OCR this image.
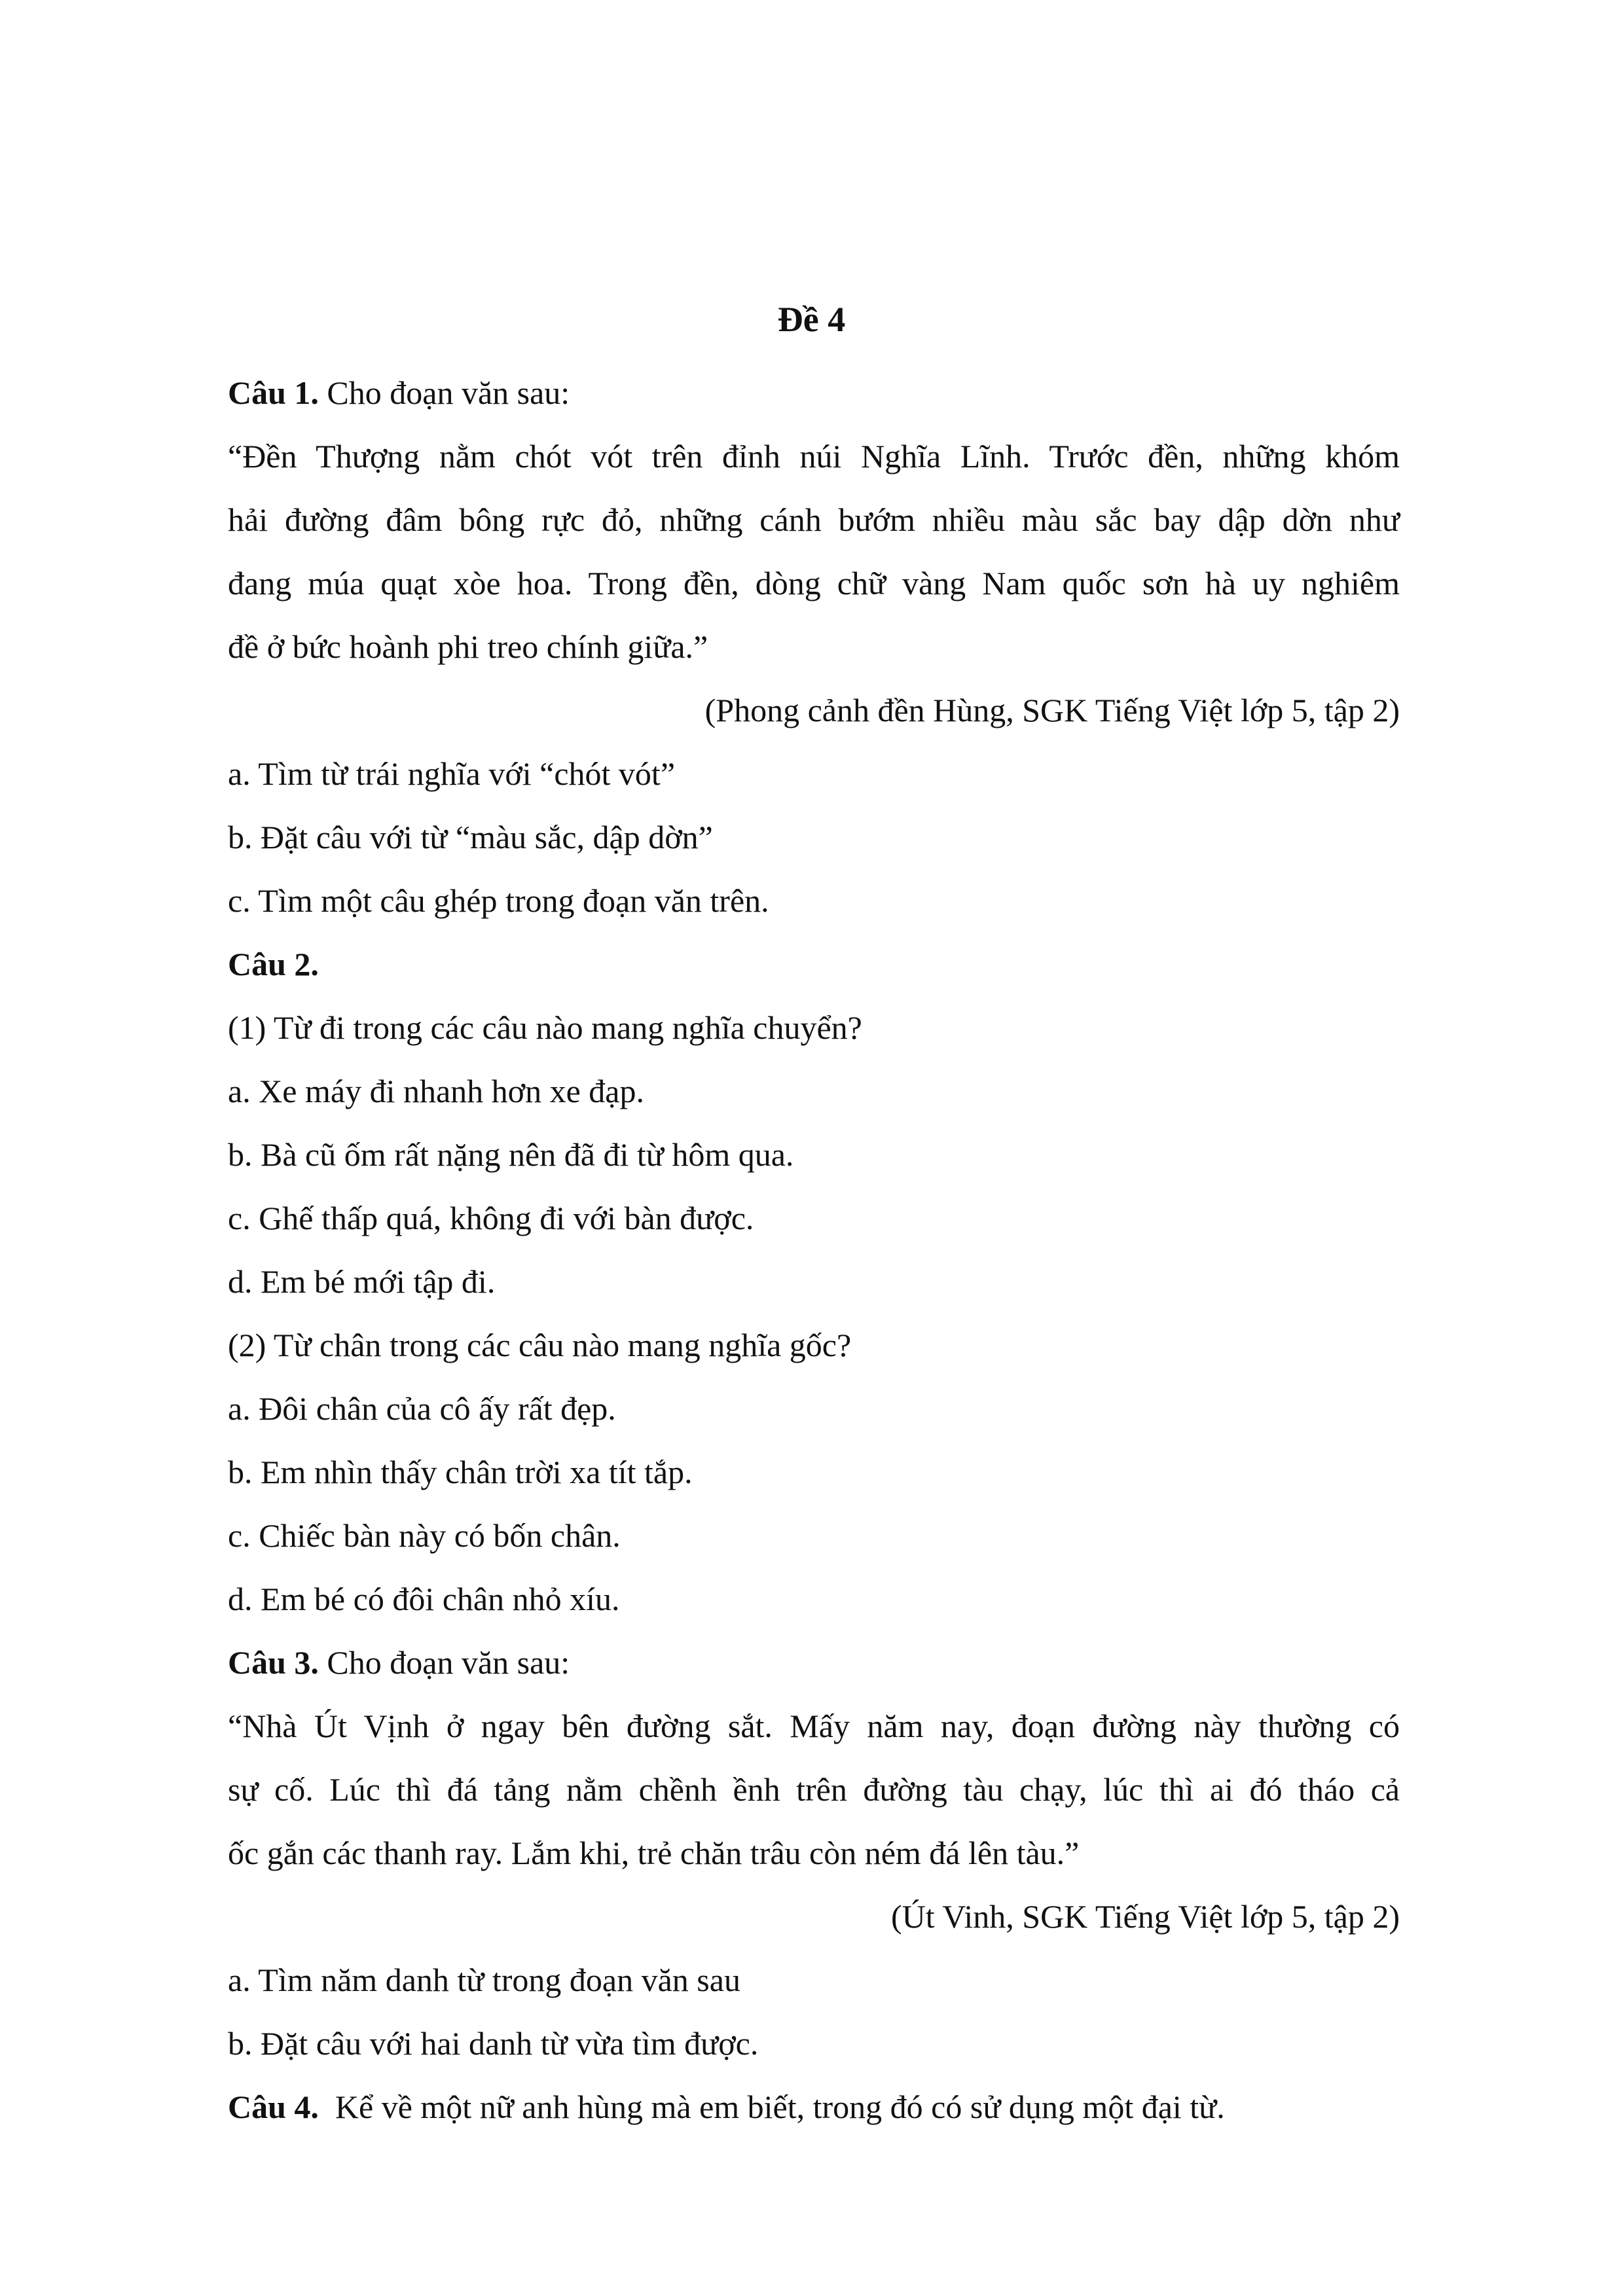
Đề 4
Câu 1. Cho đoạn văn sau:
“Đền Thượng nằm chót vót trên đỉnh núi Nghĩa Lĩnh. Trước đền, những khóm
hải đường đâm bông rực đỏ, những cánh bướm nhiều màu sắc bay dập dờn như
đang múa quạt xòe hoa. Trong đền, dòng chữ vàng Nam quốc sơn hà uy nghiêm
đề ở bức hoành phi treo chính giữa.”
(Phong cảnh đền Hùng, SGK Tiếng Việt lớp 5, tập 2)
a. Tìm từ trái nghĩa với “chót vót”
b. Đặt câu với từ “màu sắc, dập dờn”
c. Tìm một câu ghép trong đoạn văn trên.
Câu 2.
(1) Từ đi trong các câu nào mang nghĩa chuyển?
a. Xe máy đi nhanh hơn xe đạp.
b. Bà cũ ốm rất nặng nên đã đi từ hôm qua.
c. Ghế thấp quá, không đi với bàn được.
d. Em bé mới tập đi.
(2) Từ chân trong các câu nào mang nghĩa gốc?
a. Đôi chân của cô ấy rất đẹp.
b. Em nhìn thấy chân trời xa tít tắp.
c. Chiếc bàn này có bốn chân.
d. Em bé có đôi chân nhỏ xíu.
Câu 3. Cho đoạn văn sau:
“Nhà Út Vịnh ở ngay bên đường sắt. Mấy năm nay, đoạn đường này thường có
sự cố. Lúc thì đá tảng nằm chềnh ềnh trên đường tàu chạy, lúc thì ai đó tháo cả
ốc gắn các thanh ray. Lắm khi, trẻ chăn trâu còn ném đá lên tàu.”
(Út Vinh, SGK Tiếng Việt lớp 5, tập 2)
a. Tìm năm danh từ trong đoạn văn sau
b. Đặt câu với hai danh từ vừa tìm được.
Câu 4.  Kể về một nữ anh hùng mà em biết, trong đó có sử dụng một đại từ.
